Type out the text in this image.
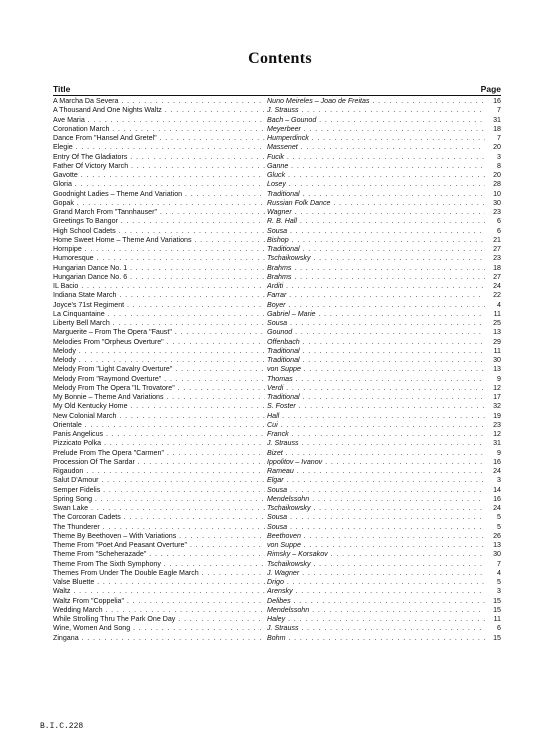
Contents
Title	Page
A Marcha Da Severa . . .	Nuno Meireles – Joao de Freitas . . .	16
A Thousand And One Nights Waltz . . .	J. Strauss . . .	7
Ave Maria . . .	Bach – Gounod . . .	31
Coronation March . . .	Meyerbeer . . .	18
Dance From "Hansel And Gretel" . . .	Humperdinck . . .	7
Elegie . . .	Massenet . . .	20
Entry Of The Gladiators . . .	Fucik . . .	3
Father Of Victory March . . .	Ganne . . .	8
Gavotte . . .	Gluck . . .	20
Gloria . . .	Losey . . .	28
Goodnight Ladies – Theme And Variation . . .	Traditional . . .	10
Gopak . . .	Russian Folk Dance . . .	30
Grand March From "Tannhauser" . . .	Wagner . . .	23
Greetings To Bangor . . .	R. B. Hall . . .	6
High School Cadets . . .	Sousa . . .	6
Home Sweet Home – Theme And Variations . . .	Bishop . . .	21
Hornpipe . . .	Traditional . . .	27
Humoresque . . .	Tschaikowsky . . .	23
Hungarian Dance No. 1 . . .	Brahms . . .	18
Hungarian Dance No. 6 . . .	Brahms . . .	27
IL Bacio . . .	Arditi . . .	24
Indiana State March . . .	Farrar . . .	22
Joyce's 71st Regiment . . .	Boyer . . .	4
La Cinquantaine . . .	Gabriel – Marie . . .	11
Liberty Bell March . . .	Sousa . . .	25
Marguerite – From The Opera "Faust" . . .	Gounod . . .	13
Melodies From "Orpheus Overture" . . .	Offenbach . . .	29
Melody . . .	Traditional . . .	11
Melody . . .	Traditional . . .	30
Melody From "Light Cavalry Overture" . . .	von Suppe . . .	13
Melody From "Raymond Overture" . . .	Thomas . . .	9
Melody From The Opera "IL Trovatore" . . .	Verdi . . .	12
My Bonnie – Theme And Variations . . .	Traditional . . .	17
My Old Kentucky Home . . .	S. Foster . . .	32
New Colonial March . . .	Hall . . .	19
Orientale . . .	Cui . . .	23
Panis Angelicus . . .	Franck . . .	12
Pizzicato Polka . . .	J. Strauss . . .	31
Prelude From The Opera "Carmen" . . .	Bizet . . .	9
Procession Of The Sardar . . .	Ippolitov – Ivanov . . .	16
Rigaudon . . .	Rameau . . .	24
Salut D'Amour . . .	Elgar . . .	3
Semper Fidelis . . .	Sousa . . .	14
Spring Song . . .	Mendelssohn . . .	16
Swan Lake . . .	Tschaikowsky . . .	24
The Corcoran Cadets . . .	Sousa . . .	5
The Thunderer . . .	Sousa . . .	5
Theme By Beethoven – With Variations . . .	Beethoven . . .	26
Theme From "Poet And Peasant Overture" . . .	von Suppe . . .	13
Theme From "Scheherazade" . . .	Rimsky – Korsakov . . .	30
Theme From The Sixth Symphony . . .	Tschaikowsky . . .	7
Themes From Under The Double Eagle March . . .	J. Wagner . . .	4
Valse Bluette . . .	Drigo . . .	5
Waltz . . .	Arensky . . .	3
Waltz From "Coppelia" . . .	Delibes . . .	15
Wedding March . . .	Mendelssohn . . .	15
While Strolling Thru The Park One Day . . .	Haley . . .	11
Wine, Women And Song . . .	J. Strauss . . .	6
Zingana . . .	Bohm . . .	15
B.I.C.228
